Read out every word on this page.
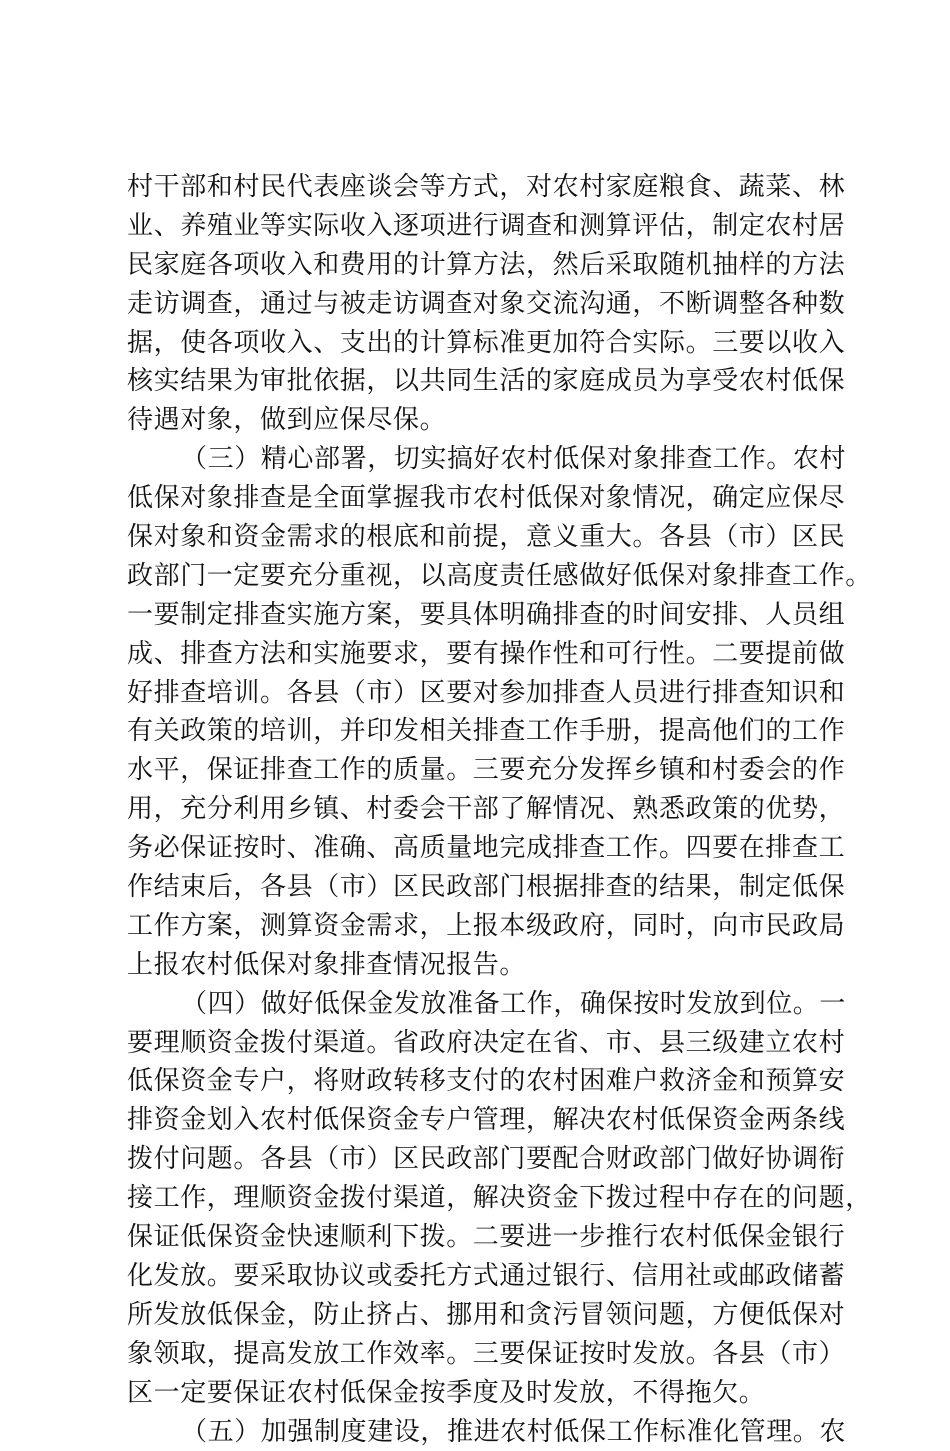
村干部和村民代表座谈会等方式，对农村家庭粮食、蔬菜、林
业、养殖业等实际收入逐项进行调查和测算评估，制定农村居
民家庭各项收入和费用的计算方法，然后采取随机抽样的方法
走访调查，通过与被走访调查对象交流沟通，不断调整各种数
据，使各项收入、支出的计算标准更加符合实际。三要以收入
核实结果为审批依据，以共同生活的家庭成员为享受农村低保
待遇对象，做到应保尽保。
（三）精心部署，切实搞好农村低保对象排查工作。农村
低保对象排查是全面掌握我市农村低保对象情况，确定应保尽
保对象和资金需求的根底和前提，意义重大。各县（市）区民
政部门一定要充分重视，以高度责任感做好低保对象排查工作。
一要制定排查实施方案，要具体明确排查的时间安排、人员组
成、排查方法和实施要求，要有操作性和可行性。二要提前做
好排查培训。各县（市）区要对参加排查人员进行排查知识和
有关政策的培训，并印发相关排查工作手册，提高他们的工作
水平，保证排查工作的质量。三要充分发挥乡镇和村委会的作
用，充分利用乡镇、村委会干部了解情况、熟悉政策的优势，
务必保证按时、准确、高质量地完成排查工作。四要在排查工
作结束后，各县（市）区民政部门根据排查的结果，制定低保
工作方案，测算资金需求，上报本级政府，同时，向市民政局
上报农村低保对象排查情况报告。
（四）做好低保金发放准备工作，确保按时发放到位。一
要理顺资金拨付渠道。省政府决定在省、市、县三级建立农村
低保资金专户，将财政转移支付的农村困难户救济金和预算安
排资金划入农村低保资金专户管理，解决农村低保资金两条线
拨付问题。各县（市）区民政部门要配合财政部门做好协调衔
接工作，理顺资金拨付渠道，解决资金下拨过程中存在的问题，
保证低保资金快速顺利下拨。二要进一步推行农村低保金银行
化发放。要采取协议或委托方式通过银行、信用社或邮政储蓄
所发放低保金，防止挤占、挪用和贪污冒领问题，方便低保对
象领取，提高发放工作效率。三要保证按时发放。各县（市）
区一定要保证农村低保金按季度及时发放，不得拖欠。
（五）加强制度建设，推进农村低保工作标准化管理。农
